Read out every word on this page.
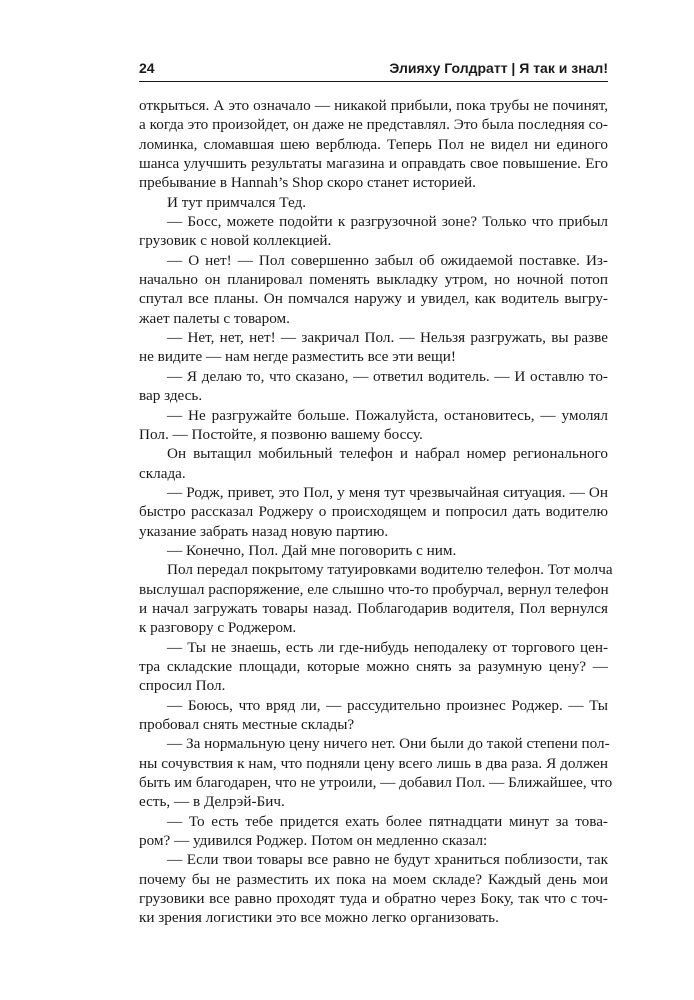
24	Элияху Голдратт | Я так и знал!
открыться. А это означало — никакой прибыли, пока трубы не починят,
а когда это произойдет, он даже не представлял. Это была последняя со-
ломинка, сломавшая шею верблюда. Теперь Пол не видел ни единого
шанса улучшить результаты магазина и оправдать свое повышение. Его
пребывание в Hannah’s Shop скоро станет историей.
И тут примчался Тед.
— Босс, можете подойти к разгрузочной зоне? Только что прибыл
грузовик с новой коллекцией.
— О нет! — Пол совершенно забыл об ожидаемой поставке. Из-
начально он планировал поменять выкладку утром, но ночной потоп
спутал все планы. Он помчался наружу и увидел, как водитель выгру-
жает палеты с товаром.
— Нет, нет, нет! — закричал Пол. — Нельзя разгружать, вы разве
не видите — нам негде разместить все эти вещи!
— Я делаю то, что сказано, — ответил водитель. — И оставлю то-
вар здесь.
— Не разгружайте больше. Пожалуйста, остановитесь, — умолял
Пол. — Постойте, я позвоню вашему боссу.
Он вытащил мобильный телефон и набрал номер регионального
склада.
— Родж, привет, это Пол, у меня тут чрезвычайная ситуация. — Он
быстро рассказал Роджеру о происходящем и попросил дать водителю
указание забрать назад новую партию.
— Конечно, Пол. Дай мне поговорить с ним.
Пол передал покрытому татуировками водителю телефон. Тот молча
выслушал распоряжение, еле слышно что-то пробурчал, вернул телефон
и начал загружать товары назад. Поблагодарив водителя, Пол вернулся
к разговору с Роджером.
— Ты не знаешь, есть ли где-нибудь неподалеку от торгового цен-
тра складские площади, которые можно снять за разумную цену? —
спросил Пол.
— Боюсь, что вряд ли, — рассудительно произнес Роджер. — Ты
пробовал снять местные склады?
— За нормальную цену ничего нет. Они были до такой степени пол-
ны сочувствия к нам, что подняли цену всего лишь в два раза. Я должен
быть им благодарен, что не утроили, — добавил Пол. — Ближайшее, что
есть, — в Делрэй-Бич.
— То есть тебе придется ехать более пятнадцати минут за това-
ром? — удивился Роджер. Потом он медленно сказал:
— Если твои товары все равно не будут храниться поблизости, так
почему бы не разместить их пока на моем складе? Каждый день мои
грузовики все равно проходят туда и обратно через Боку, так что с точ-
ки зрения логистики это все можно легко организовать.
